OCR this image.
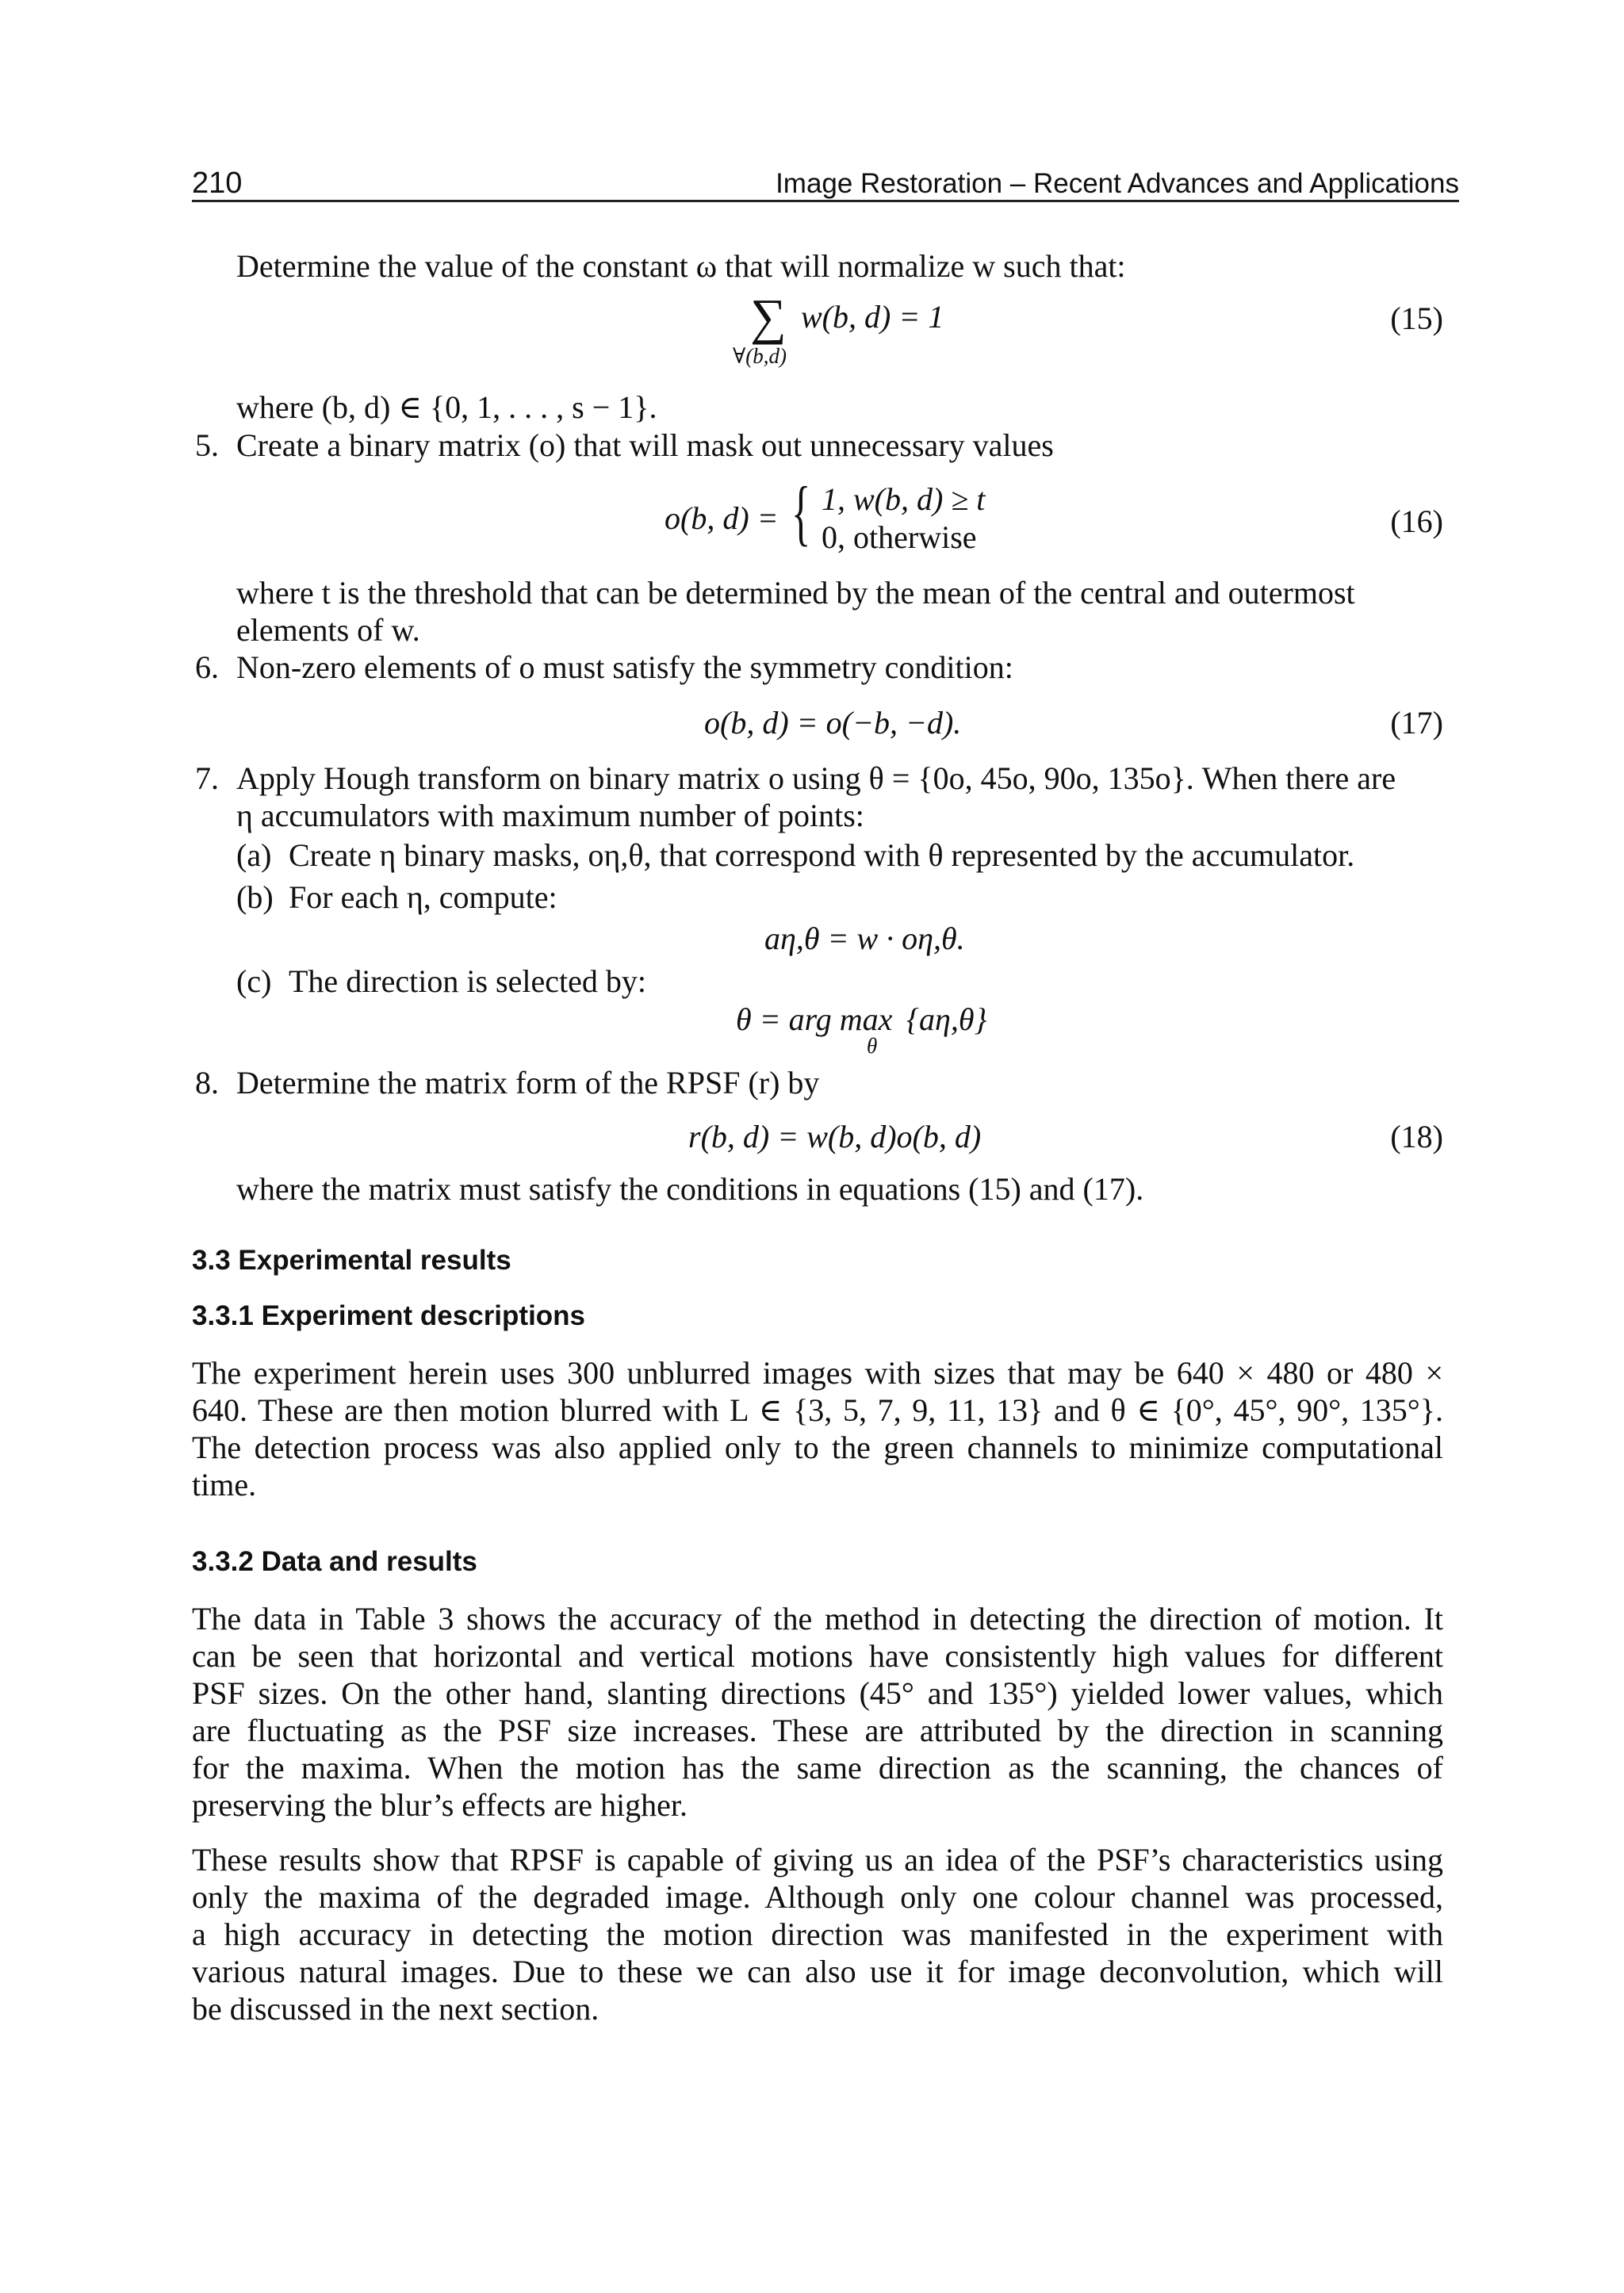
210	Image Restoration – Recent Advances and Applications
Determine the value of the constant ω that will normalize w such that:
∑
∀(b,d)
w(b, d) = 1	(15)
where (b, d) ∈ {0, 1, . . . , s − 1}.
5. Create a binary matrix (o) that will mask out unnecessary values
o(b, d) = { 1, w(b, d) ≥ t
0, otherwise	(16)
where t is the threshold that can be determined by the mean of the central and outermost
elements of w.
6. Non-zero elements of o must satisfy the symmetry condition:
o(b, d) = o(−b, −d).	(17)
7. Apply Hough transform on binary matrix o using θ = {0o, 45o, 90o, 135o}. When there are
η accumulators with maximum number of points:
(a) Create η binary masks, oη,θ, that correspond with θ represented by the accumulator.
(b) For each η, compute:
aη,θ = w · oη,θ.
(c) The direction is selected by:
θ = arg max
θ
{aη,θ}
8. Determine the matrix form of the RPSF (r) by
r(b, d) = w(b, d)o(b, d)	(18)
where the matrix must satisfy the conditions in equations (15) and (17).
3.3 Experimental results
3.3.1 Experiment descriptions
The experiment herein uses 300 unblurred images with sizes that may be 640 × 480 or 480 ×
640. These are then motion blurred with L ∈ {3, 5, 7, 9, 11, 13} and θ ∈ {0°, 45°, 90°, 135°}.
The detection process was also applied only to the green channels to minimize computational
time.
3.3.2 Data and results
The data in Table 3 shows the accuracy of the method in detecting the direction of motion. It
can be seen that horizontal and vertical motions have consistently high values for different
PSF sizes. On the other hand, slanting directions (45° and 135°) yielded lower values, which
are fluctuating as the PSF size increases. These are attributed by the direction in scanning
for the maxima. When the motion has the same direction as the scanning, the chances of
preserving the blur’s effects are higher.
These results show that RPSF is capable of giving us an idea of the PSF’s characteristics using
only the maxima of the degraded image. Although only one colour channel was processed,
a high accuracy in detecting the motion direction was manifested in the experiment with
various natural images. Due to these we can also use it for image deconvolution, which will
be discussed in the next section.
